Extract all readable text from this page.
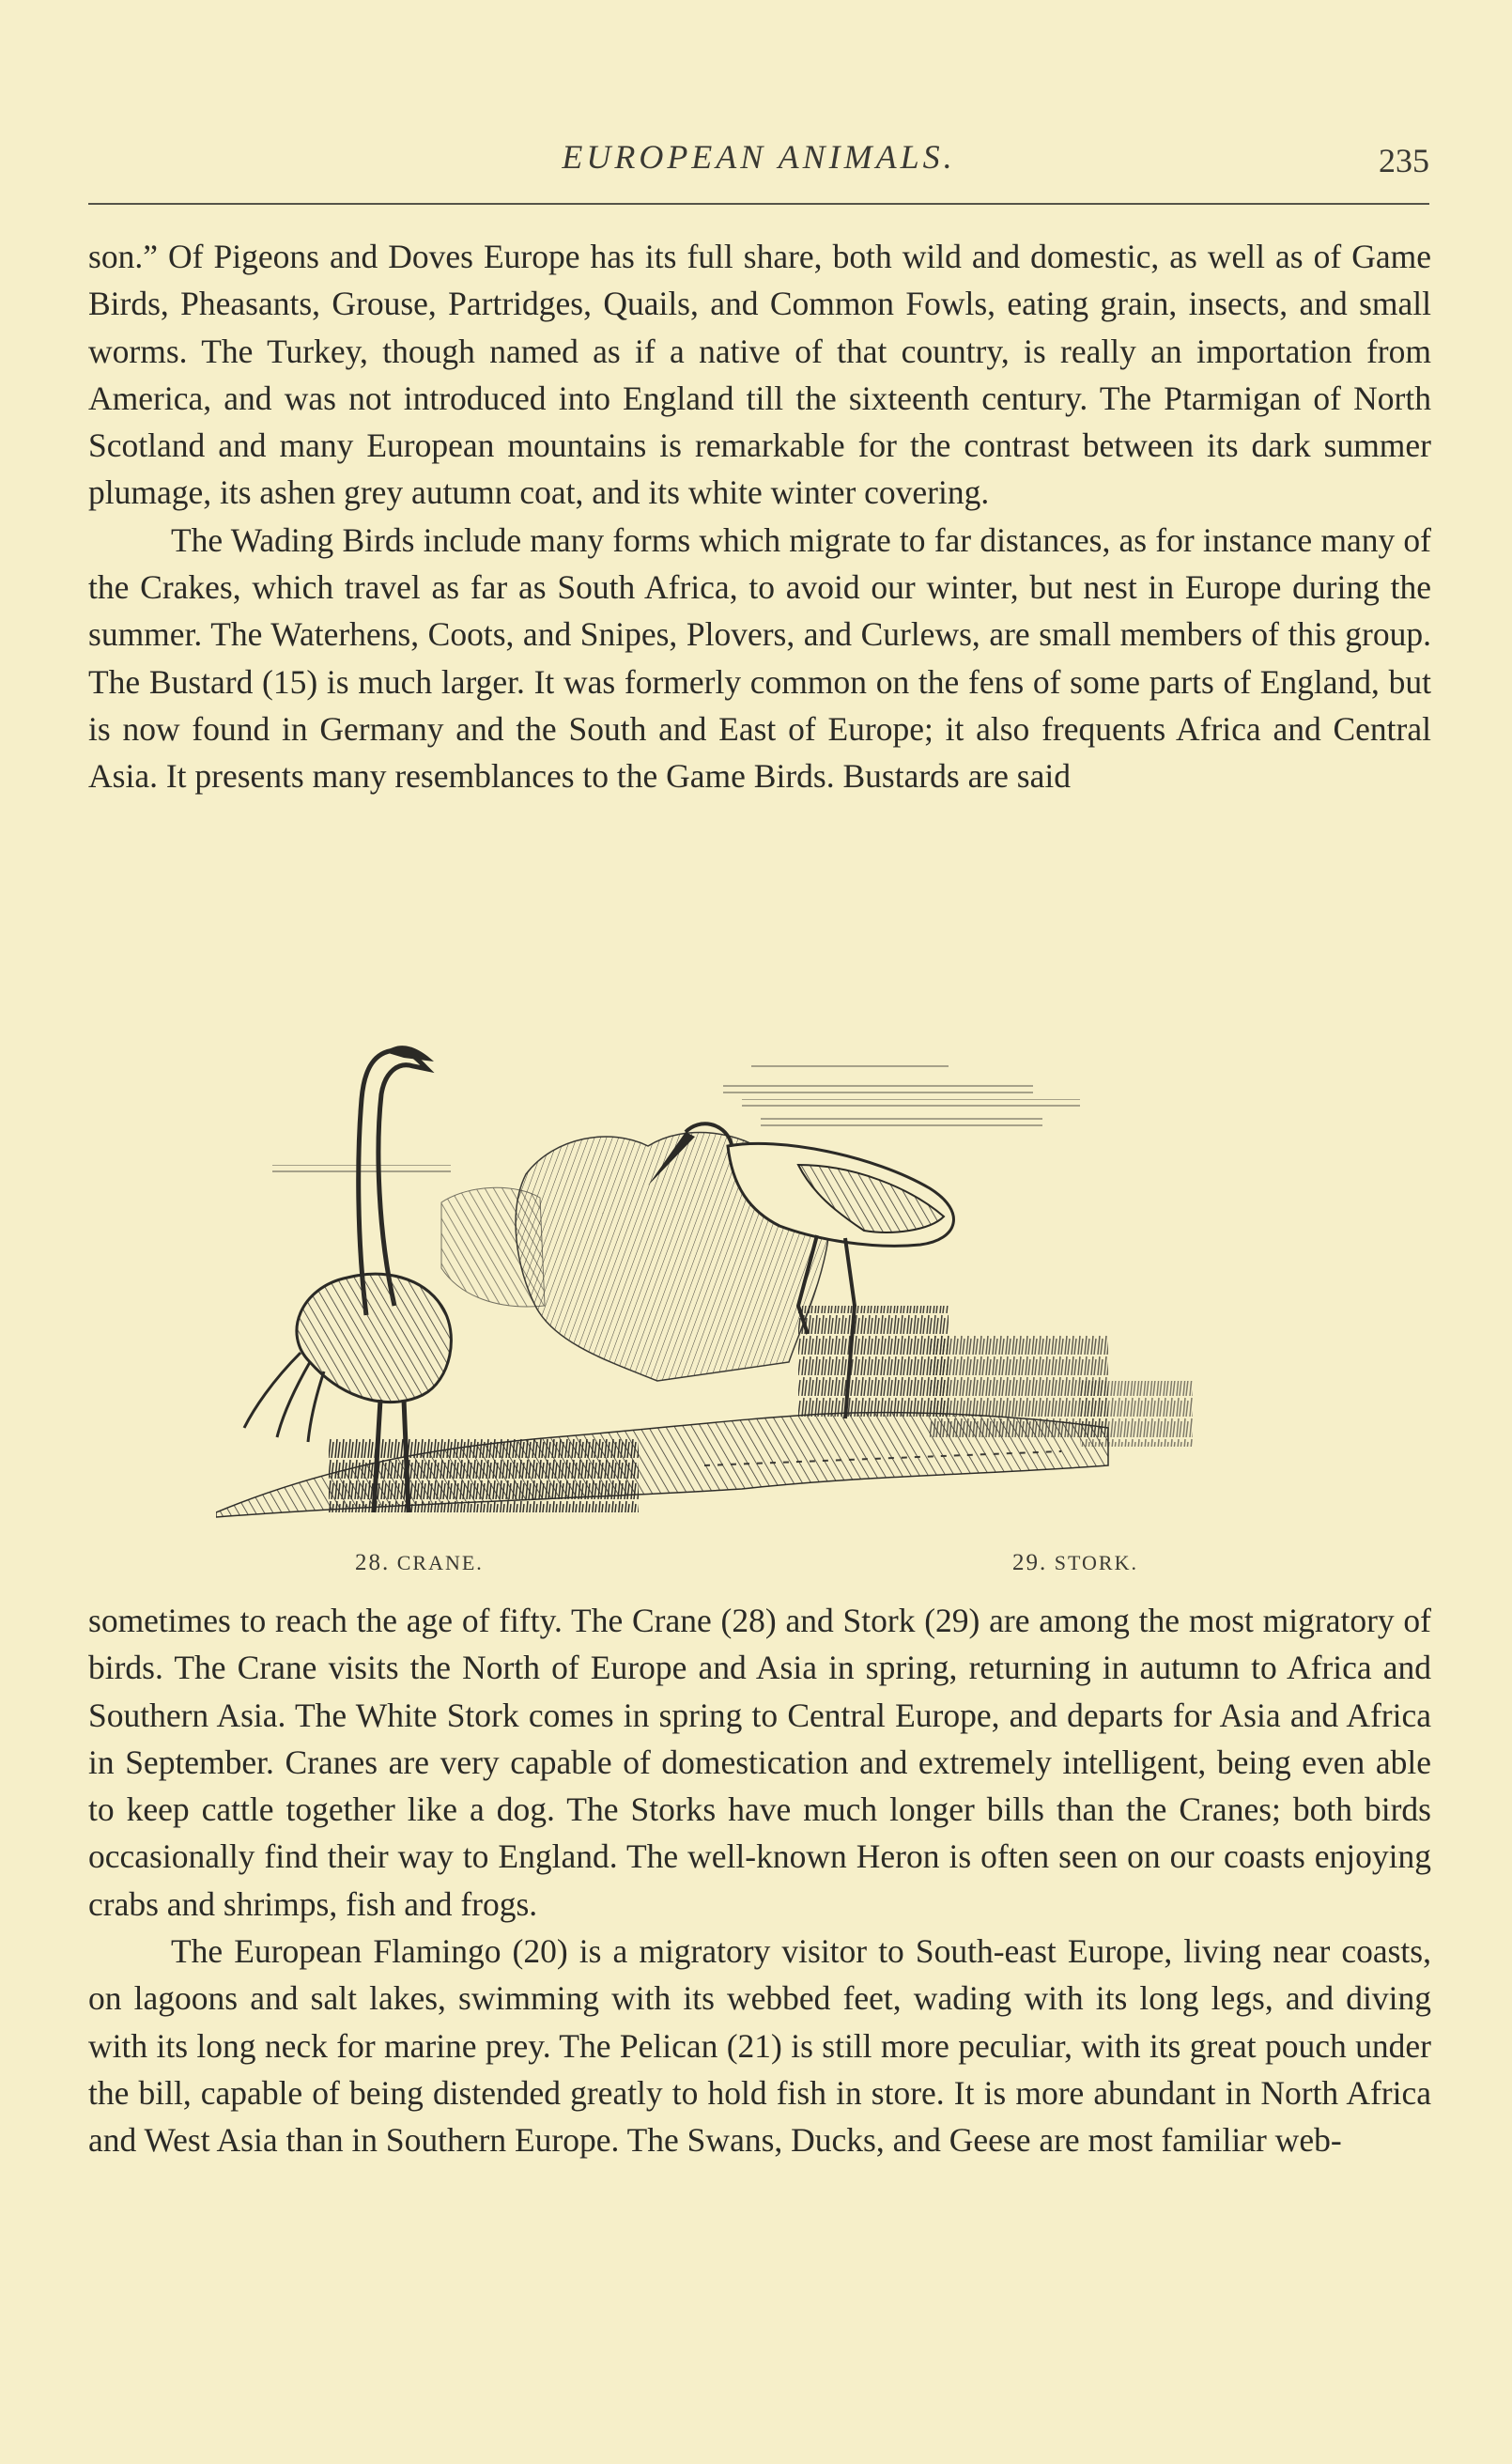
EUROPEAN ANIMALS.	235

son.” Of Pigeons and Doves Europe has its full share, both wild and domestic, as well as of Game Birds, Pheasants, Grouse, Partridges, Quails, and Common Fowls, eating grain, insects, and small worms. The Turkey, though named as if a native of that country, is really an importation from America, and was not introduced into England till the sixteenth century. The Ptarmigan of North Scotland and many European mountains is remarkable for the contrast between its dark summer plumage, its ashen grey autumn coat, and its white winter covering.

The Wading Birds include many forms which migrate to far distances, as for instance many of the Crakes, which travel as far as South Africa, to avoid our winter, but nest in Europe during the summer. The Waterhens, Coots, and Snipes, Plovers, and Curlews, are small members of this group. The Bustard (15) is much larger. It was formerly common on the fens of some parts of England, but is now found in Germany and the South and East of Europe; it also frequents Africa and Central Asia. It presents many resemblances to the Game Birds. Bustards are said

28. CRANE.	29. STORK.

sometimes to reach the age of fifty. The Crane (28) and Stork (29) are among the most migratory of birds. The Crane visits the North of Europe and Asia in spring, returning in autumn to Africa and Southern Asia. The White Stork comes in spring to Central Europe, and departs for Asia and Africa in September. Cranes are very capable of domestication and extremely intelligent, being even able to keep cattle together like a dog. The Storks have much longer bills than the Cranes; both birds occasionally find their way to England. The well-known Heron is often seen on our coasts enjoying crabs and shrimps, fish and frogs.

The European Flamingo (20) is a migratory visitor to South-east Europe, living near coasts, on lagoons and salt lakes, swimming with its webbed feet, wading with its long legs, and diving with its long neck for marine prey. The Pelican (21) is still more peculiar, with its great pouch under the bill, capable of being distended greatly to hold fish in store. It is more abundant in North Africa and West Asia than in Southern Europe. The Swans, Ducks, and Geese are most familiar web-
